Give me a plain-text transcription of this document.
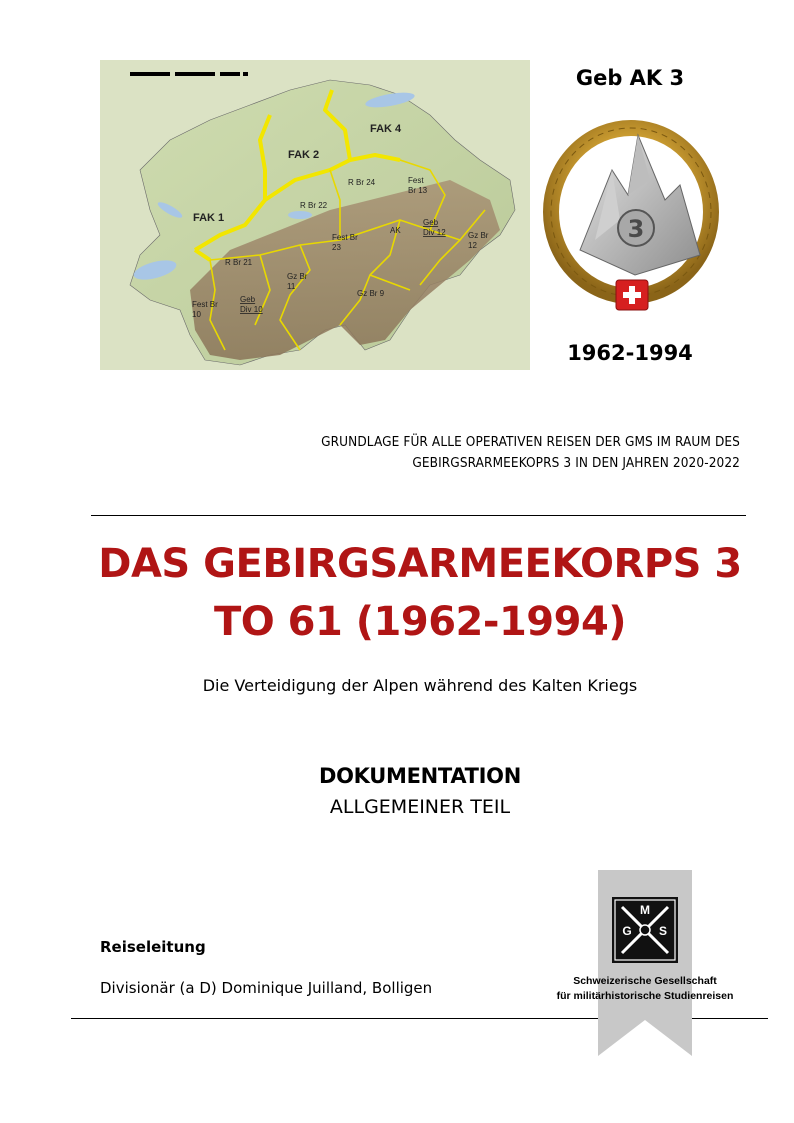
FAK 4
FAK 2
FAK 1
R Br 24	Fest
Br 13
R Br 22
Fest Br
23
AK
Geb
Div 12	Gz Br
12
R Br 21
Gz Br
11
Gz Br 9
Fest Br
10
Geb
Div 10
Geb AK 3
3
1962-1994
GRUNDLAGE FÜR ALLE OPERATIVEN REISEN DER GMS IM RAUM DES GEBIRGSRARMEEKOPRS 3 IN DEN JAHREN 2020-2022
DAS GEBIRGSARMEEKORPS 3
TO 61 (1962-1994)
Die Verteidigung der Alpen während des Kalten Kriegs
DOKUMENTATION
ALLGEMEINER TEIL
Reiseleitung
Divisionär (a D) Dominique Juilland, Bolligen
M
G S
Schweizerische Gesellschaft
für militärhistorische Studienreisen
